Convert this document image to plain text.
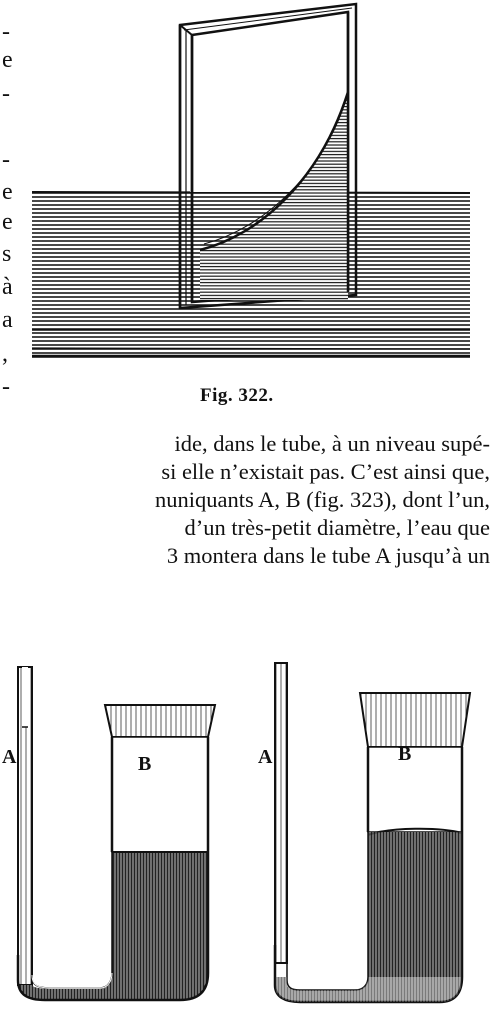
-
e
-
-
e
e
s
à
a
,
-	Fig. 322.
ide, dans le tube, à un niveau supé-
si elle n’existait pas. C’est ainsi que,
nuniquants A, B (fig. 323), dont l’un,
d’un très-petit diamètre, l’eau que
3 montera dans le tube A jusqu’à un
A	B	A	B
